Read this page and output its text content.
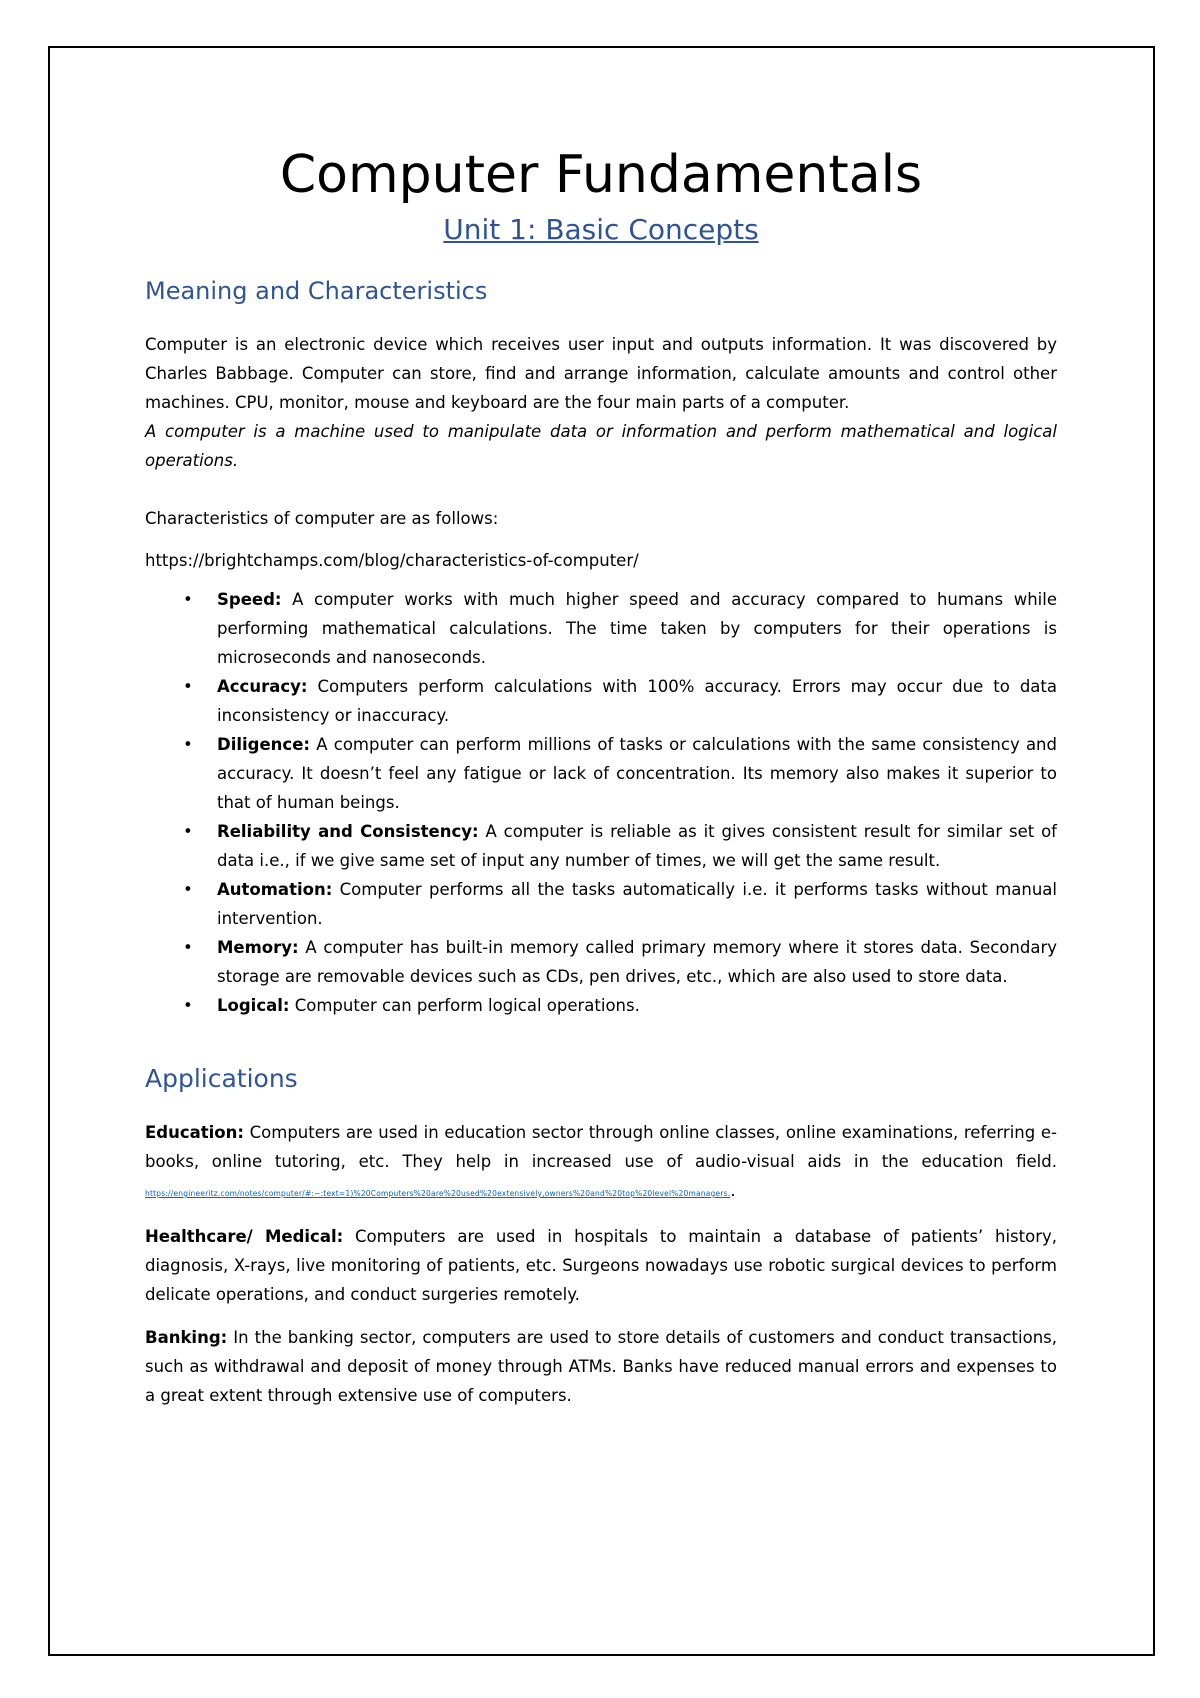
Computer Fundamentals
Unit 1: Basic Concepts
Meaning and Characteristics

Computer is an electronic device which receives user input and outputs information. It was discovered by Charles Babbage. Computer can store, find and arrange information, calculate amounts and control other machines. CPU, monitor, mouse and keyboard are the four main parts of a computer.

A computer is a machine used to manipulate data or information and perform mathematical and logical operations.

Characteristics of computer are as follows:

https://brightchamps.com/blog/characteristics-of-computer/

• Speed: A computer works with much higher speed and accuracy compared to humans while performing mathematical calculations. The time taken by computers for their operations is microseconds and nanoseconds.
• Accuracy: Computers perform calculations with 100% accuracy. Errors may occur due to data inconsistency or inaccuracy.
• Diligence: A computer can perform millions of tasks or calculations with the same consistency and accuracy. It doesn’t feel any fatigue or lack of concentration. Its memory also makes it superior to that of human beings.
• Reliability and Consistency: A computer is reliable as it gives consistent result for similar set of data i.e., if we give same set of input any number of times, we will get the same result.
• Automation: Computer performs all the tasks automatically i.e. it performs tasks without manual intervention.
• Memory: A computer has built-in memory called primary memory where it stores data. Secondary storage are removable devices such as CDs, pen drives, etc., which are also used to store data.
• Logical: Computer can perform logical operations.
Applications

Education: Computers are used in education sector through online classes, online examinations, referring e-books, online tutoring, etc. They help in increased use of audio-visual aids in the education field. https://engineeritz.com/notes/computer/#:~:text=1)%20Computers%20are%20used%20extensively,owners%20and%20top%20level%20managers..

Healthcare/ Medical: Computers are used in hospitals to maintain a database of patients’ history, diagnosis, X-rays, live monitoring of patients, etc. Surgeons nowadays use robotic surgical devices to perform delicate operations, and conduct surgeries remotely.

Banking: In the banking sector, computers are used to store details of customers and conduct transactions, such as withdrawal and deposit of money through ATMs. Banks have reduced manual errors and expenses to a great extent through extensive use of computers.
